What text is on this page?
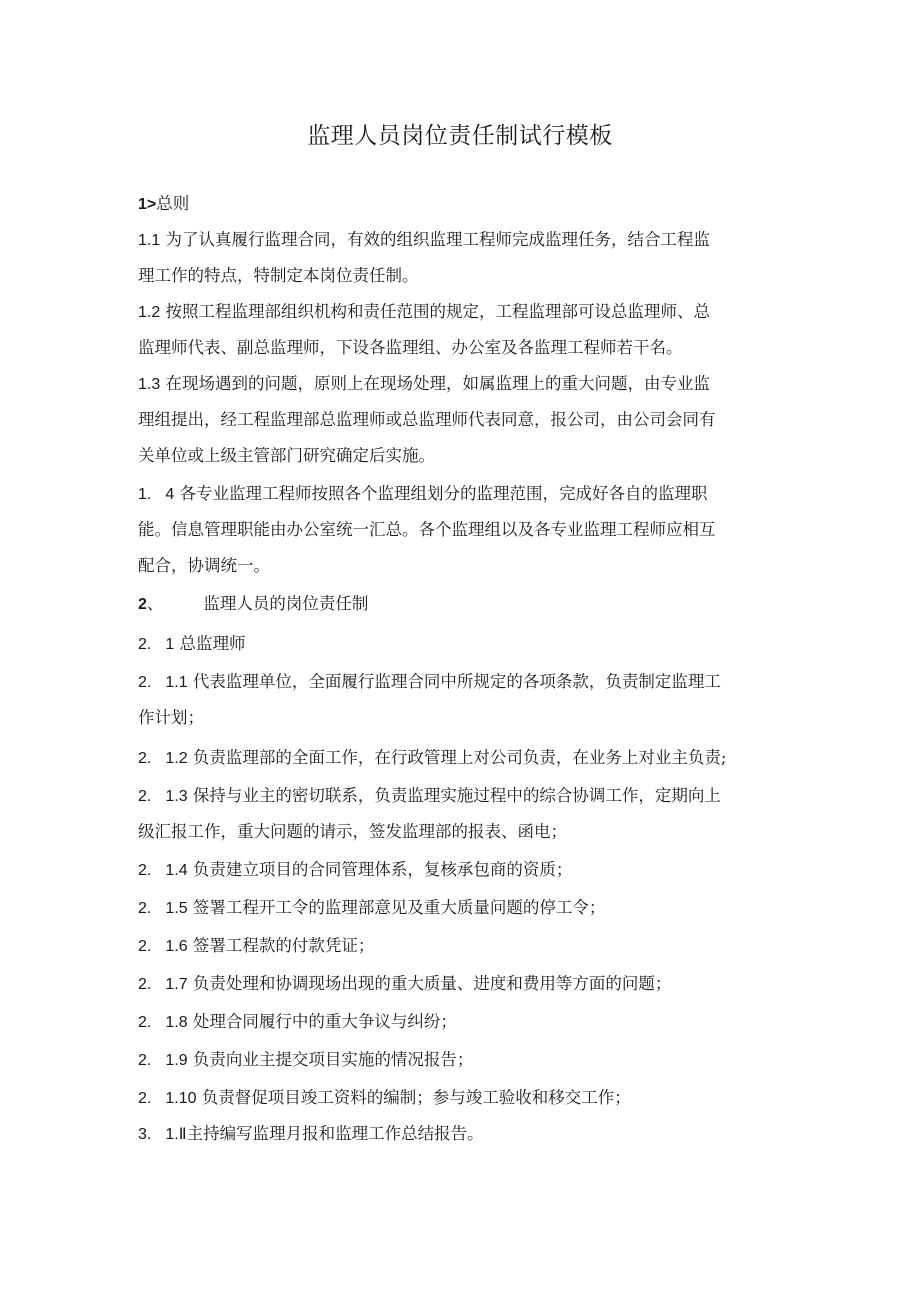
监理人员岗位责任制试行模板
1>总则
1.1 为了认真履行监理合同，有效的组织监理工程师完成监理任务，结合工程监
理工作的特点，特制定本岗位责任制。
1.2 按照工程监理部组织机构和责任范围的规定，工程监理部可设总监理师、总
监理师代表、副总监理师，下设各监理组、办公室及各监理工程师若干名。
1.3 在现场遇到的问题，原则上在现场处理，如属监理上的重大问题，由专业监
理组提出，经工程监理部总监理师或总监理师代表同意，报公司，由公司会同有
关单位或上级主管部门研究确定后实施。
1. 4 各专业监理工程师按照各个监理组划分的监理范围，完成好各自的监理职
能。信息管理职能由办公室统一汇总。各个监理组以及各专业监理工程师应相互
配合，协调统一。
2、 监理人员的岗位责任制
2. 1 总监理师
2. 1.1 代表监理单位，全面履行监理合同中所规定的各项条款，负责制定监理工
作计划；
2. 1.2 负责监理部的全面工作，在行政管理上对公司负责，在业务上对业主负责;
2. 1.3 保持与业主的密切联系，负责监理实施过程中的综合协调工作，定期向上
级汇报工作，重大问题的请示，签发监理部的报表、函电；
2. 1.4 负责建立项目的合同管理体系，复核承包商的资质；
2. 1.5 签署工程开工令的监理部意见及重大质量问题的停工令；
2. 1.6 签署工程款的付款凭证；
2. 1.7 负责处理和协调现场出现的重大质量、进度和费用等方面的问题；
2. 1.8 处理合同履行中的重大争议与纠纷；
2. 1.9 负责向业主提交项目实施的情况报告；
2. 1.10 负责督促项目竣工资料的编制；参与竣工验收和移交工作；
3. 1.Ⅱ主持编写监理月报和监理工作总结报告。
